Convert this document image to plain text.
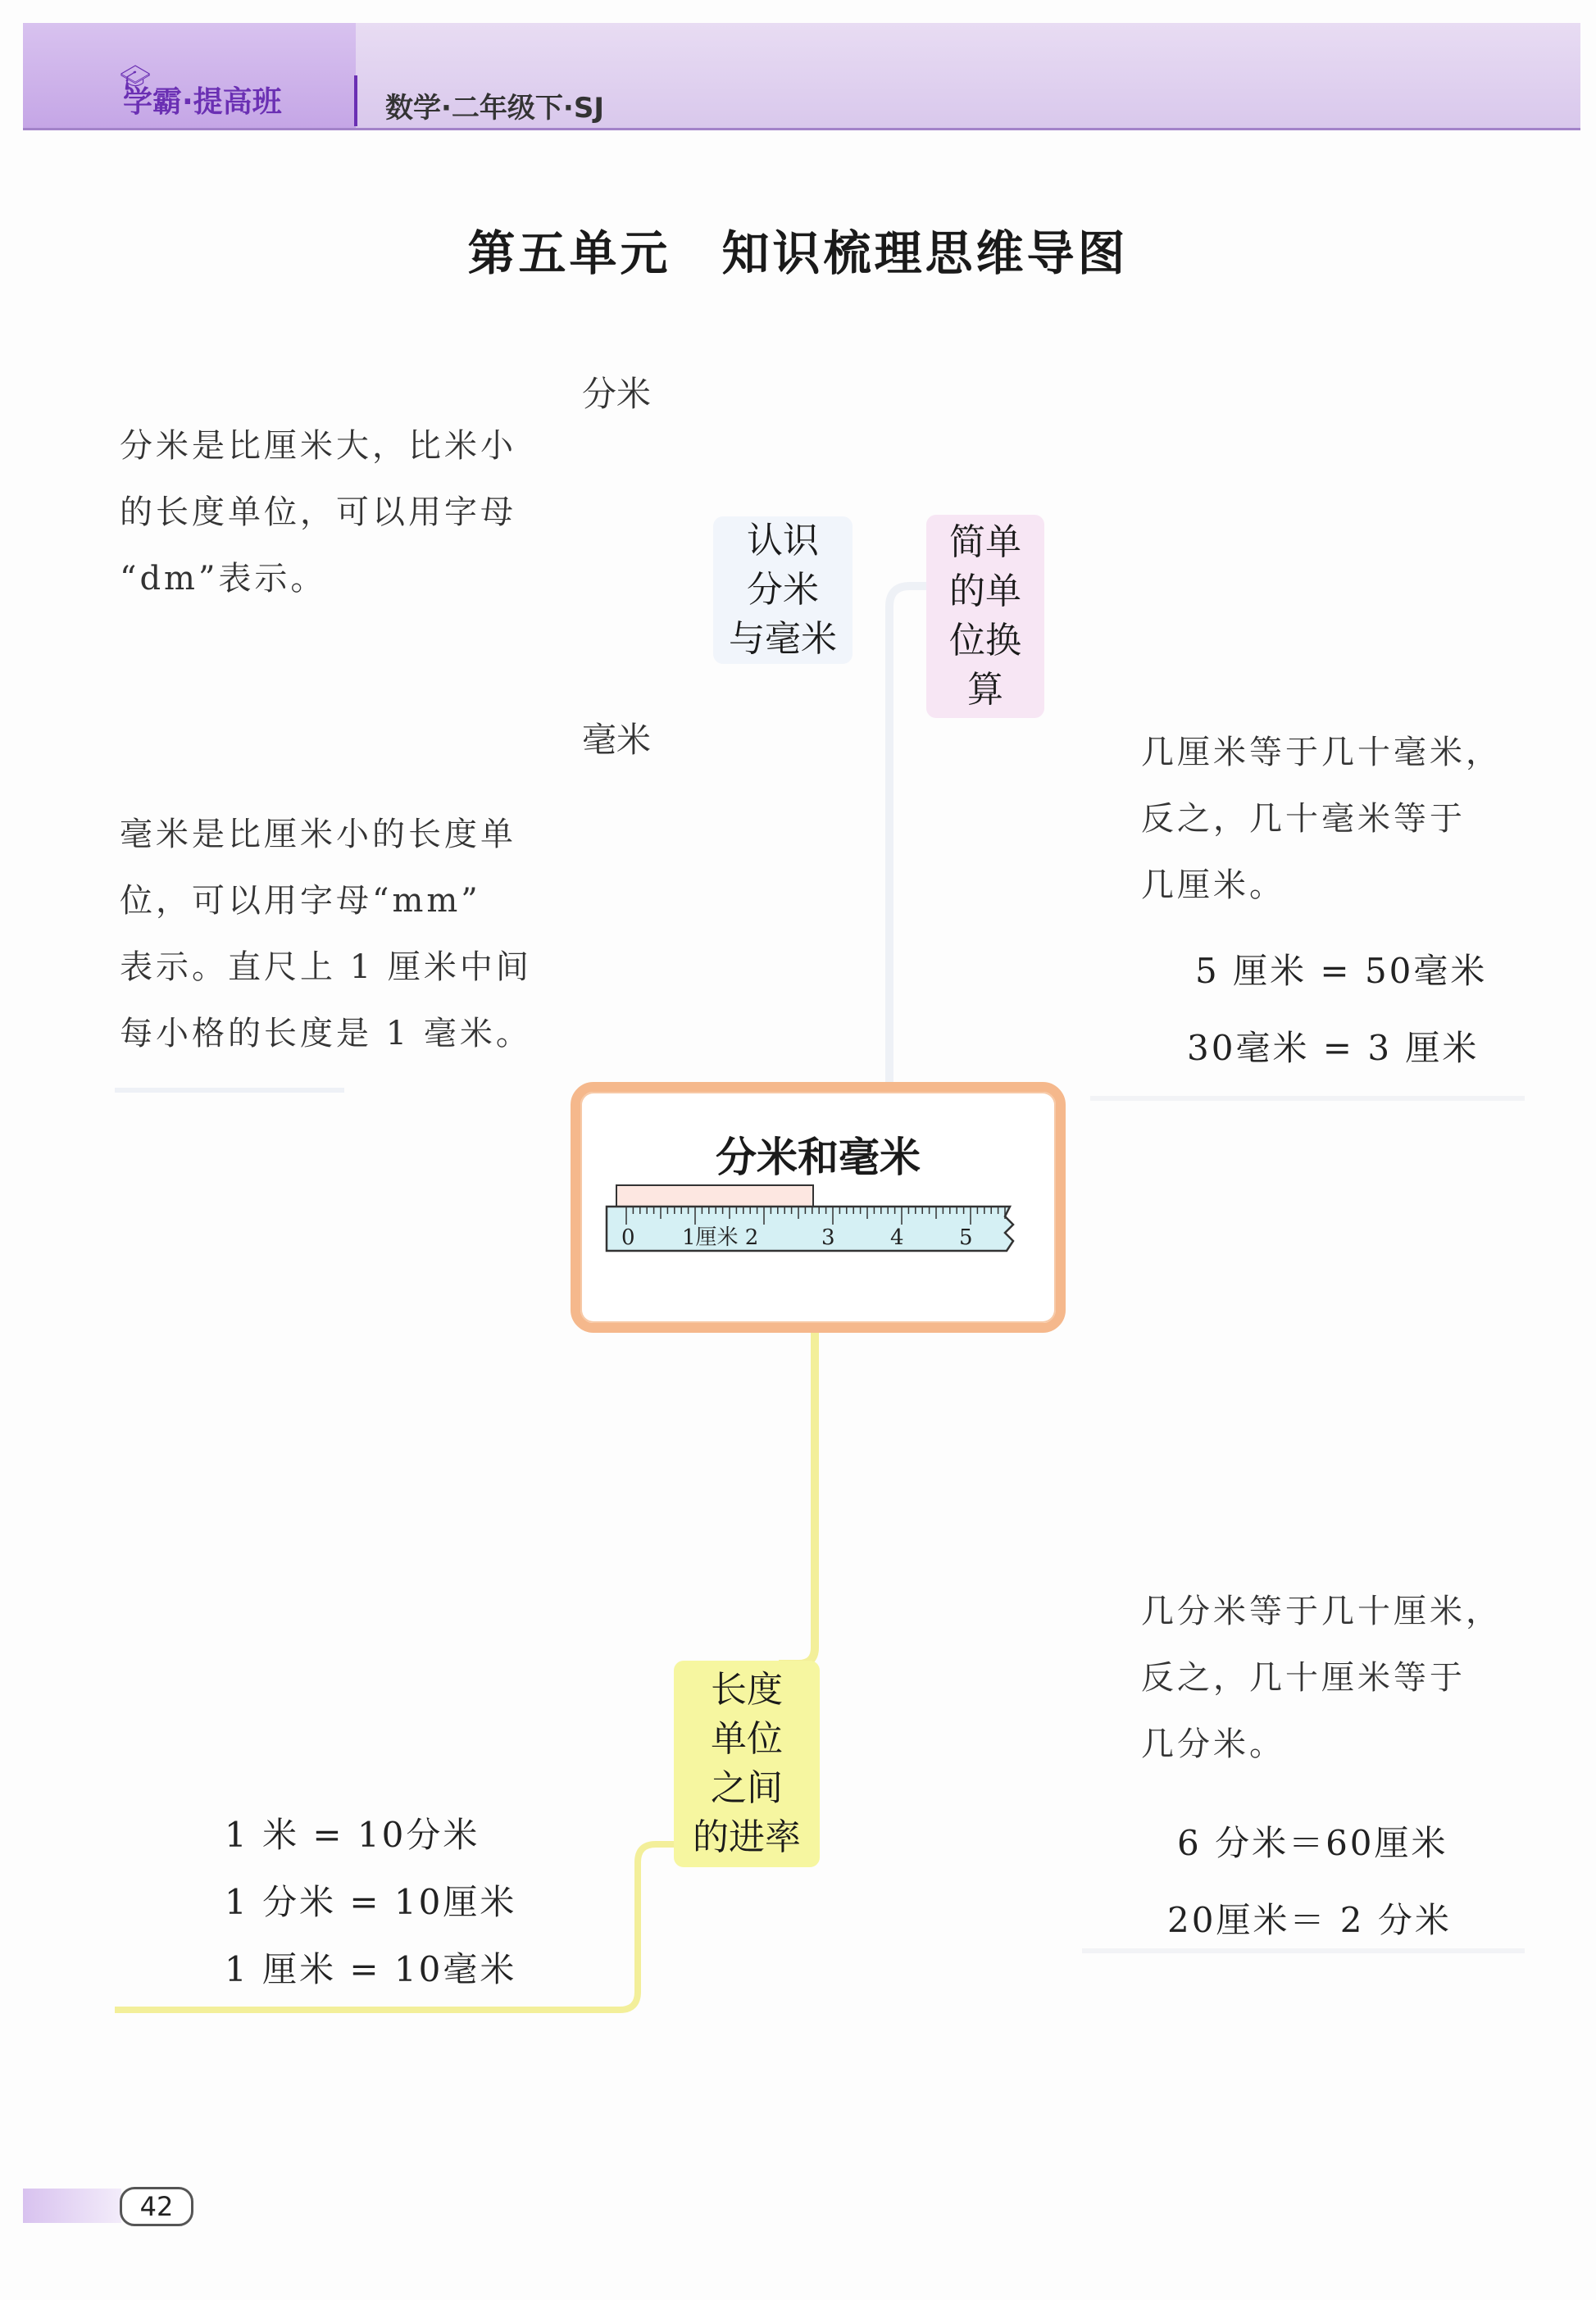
🎓︎
学霸·提高班	数学·二年级下·SJ
第五单元　知识梳理思维导图
分米
分米是比厘米大，比米小
的长度单位，可以用字母
“dm”表示。
认识
分米
与毫米
毫米
毫米是比厘米小的长度单
位，可以用字母“mm”
表示。直尺上 1 厘米中间
每小格的长度是 1 毫米。
简单
的单
位换
算
几厘米等于几十毫米，
反之，几十毫米等于
几厘米。
5 厘米 = 50毫米
30毫米 = 3 厘米
分米和毫米
0 1厘米 2	3	4	5
长度
单位
之间
的进率
1 米 = 10分米
1 分米 = 10厘米
1 厘米 = 10毫米
几分米等于几十厘米，
反之，几十厘米等于
几分米。
6 分米＝60厘米
20厘米＝ 2 分米
42
